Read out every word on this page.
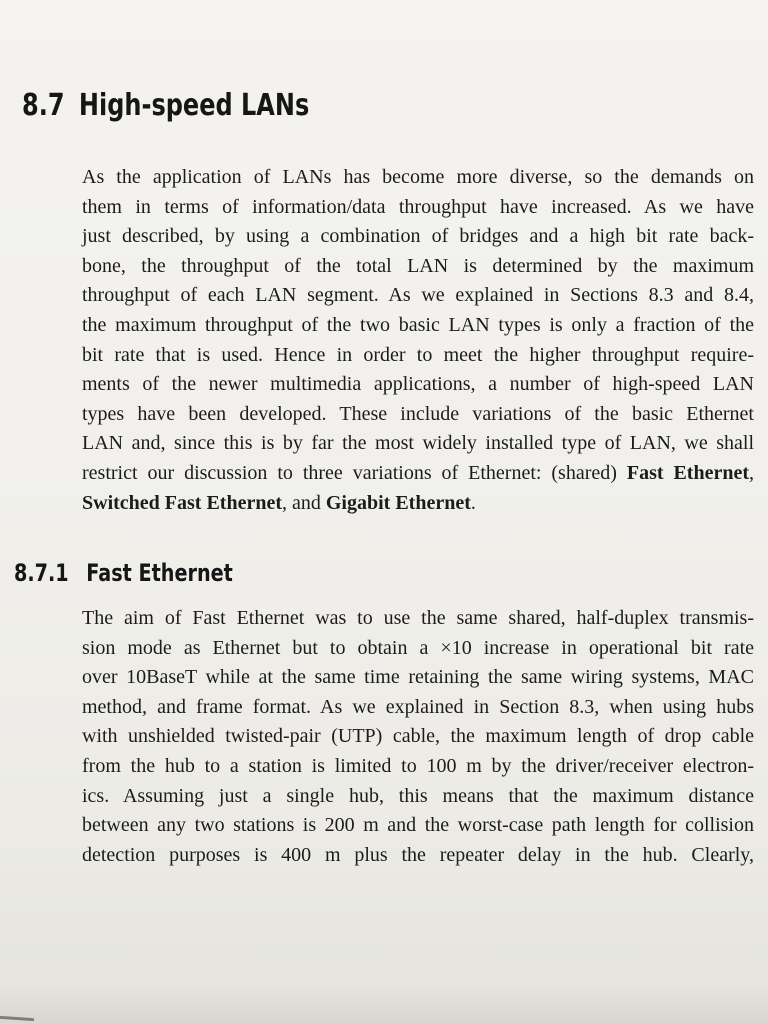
8.7 High-speed LANs
As the application of LANs has become more diverse, so the demands on
them in terms of information/data throughput have increased. As we have
just described, by using a combination of bridges and a high bit rate back-
bone, the throughput of the total LAN is determined by the maximum
throughput of each LAN segment. As we explained in Sections 8.3 and 8.4,
the maximum throughput of the two basic LAN types is only a fraction of the
bit rate that is used. Hence in order to meet the higher throughput require-
ments of the newer multimedia applications, a number of high-speed LAN
types have been developed. These include variations of the basic Ethernet
LAN and, since this is by far the most widely installed type of LAN, we shall
restrict our discussion to three variations of Ethernet: (shared) Fast Ethernet,
Switched Fast Ethernet, and Gigabit Ethernet.
8.7.1 Fast Ethernet
The aim of Fast Ethernet was to use the same shared, half-duplex transmis-
sion mode as Ethernet but to obtain a ×10 increase in operational bit rate
over 10BaseT while at the same time retaining the same wiring systems, MAC
method, and frame format. As we explained in Section 8.3, when using hubs
with unshielded twisted-pair (UTP) cable, the maximum length of drop cable
from the hub to a station is limited to 100 m by the driver/receiver electron-
ics. Assuming just a single hub, this means that the maximum distance
between any two stations is 200 m and the worst-case path length for collision
detection purposes is 400 m plus the repeater delay in the hub. Clearly,
